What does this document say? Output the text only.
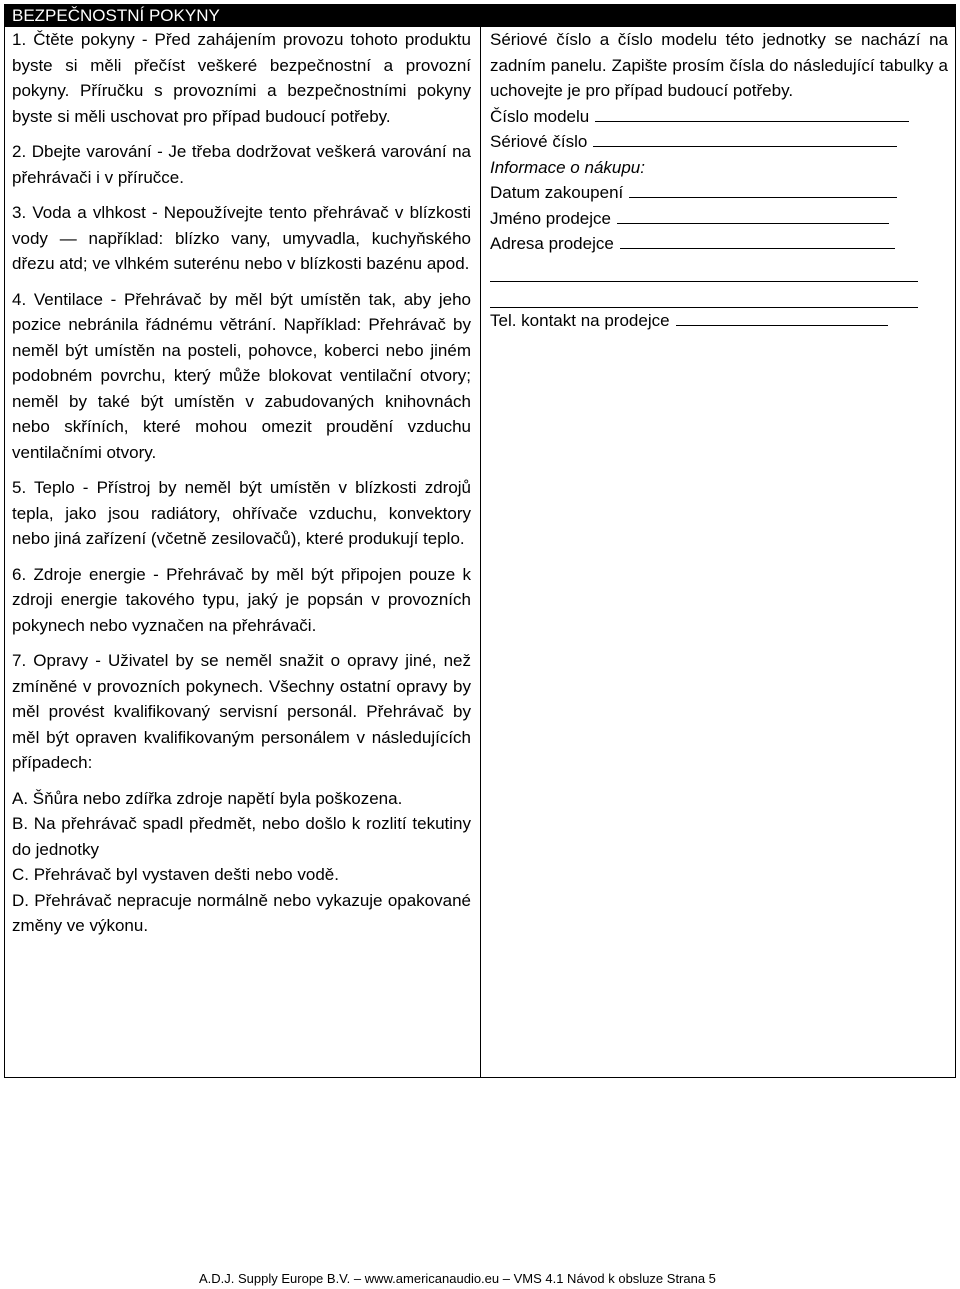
BEZPEČNOSTNÍ POKYNY

1. Čtěte pokyny - Před zahájením provozu tohoto produktu byste si měli přečíst veškeré bezpečnostní a provozní pokyny. Příručku s provozními a bezpečnostními pokyny byste si měli uschovat pro případ budoucí potřeby.

2. Dbejte varování - Je třeba dodržovat veškerá varování na přehrávači i v příručce.

3. Voda a vlhkost - Nepoužívejte tento přehrávač v blízkosti vody — například: blízko vany, umyvadla, kuchyňského dřezu atd; ve vlhkém suterénu nebo v blízkosti bazénu apod.

4. Ventilace - Přehrávač by měl být umístěn tak, aby jeho pozice nebránila řádnému větrání. Například: Přehrávač by neměl být umístěn na posteli, pohovce, koberci nebo jiném podobném povrchu, který může blokovat ventilační otvory; neměl by také být umístěn v zabudovaných knihovnách nebo skříních, které mohou omezit proudění vzduchu ventilačními otvory.

5. Teplo - Přístroj by neměl být umístěn v blízkosti zdrojů tepla, jako jsou radiátory, ohřívače vzduchu, konvektory nebo jiná zařízení (včetně zesilovačů), které produkují teplo.

6. Zdroje energie - Přehrávač by měl být připojen pouze k zdroji energie takového typu, jaký je popsán v provozních pokynech nebo vyznačen na přehrávači.

7. Opravy - Uživatel by se neměl snažit o opravy jiné, než zmíněné v provozních pokynech. Všechny ostatní opravy by měl provést kvalifikovaný servisní personál. Přehrávač by měl být opraven kvalifikovaným personálem v následujících případech:

A. Šňůra nebo zdířka zdroje napětí byla poškozena.

B. Na přehrávač spadl předmět, nebo došlo k rozlití tekutiny do jednotky

C. Přehrávač byl vystaven dešti nebo vodě.

D. Přehrávač nepracuje normálně nebo vykazuje opakované změny ve výkonu.

Sériové číslo a číslo modelu této jednotky se nachází na zadním panelu. Zapište prosím čísla do následující tabulky a uchovejte je pro případ budoucí potřeby.

Číslo modelu
Sériové číslo

Informace o nákupu:

Datum zakoupení
Jméno prodejce
Adresa prodejce
Tel. kontakt na prodejce
A.D.J. Supply Europe B.V. – www.americanaudio.eu – VMS 4.1 Návod k obsluze Strana 5
